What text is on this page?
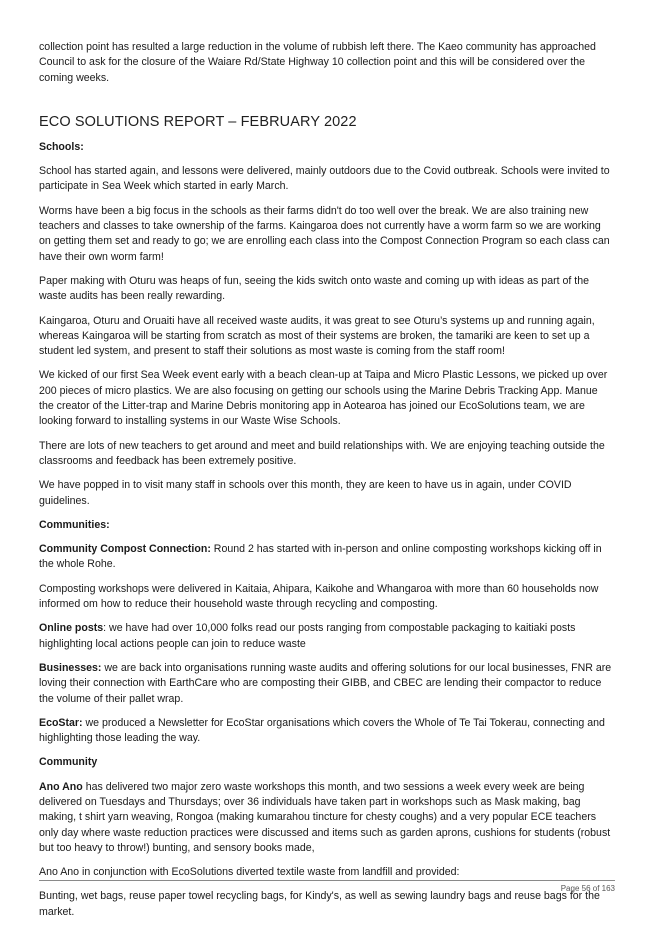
collection point has resulted a large reduction in the volume of rubbish left there. The Kaeo community has approached Council to ask for the closure of the Waiare Rd/State Highway 10 collection point and this will be considered over the coming weeks.

ECO SOLUTIONS REPORT – FEBRUARY 2022
Schools:

School has started again, and lessons were delivered, mainly outdoors due to the Covid outbreak. Schools were invited to participate in Sea Week which started in early March.

Worms have been a big focus in the schools as their farms didn't do too well over the break. We are also training new teachers and classes to take ownership of the farms. Kaingaroa does not currently have a worm farm so we are working on getting them set and ready to go; we are enrolling each class into the Compost Connection Program so each class can have their own worm farm!

Paper making with Oturu was heaps of fun, seeing the kids switch onto waste and coming up with ideas as part of the waste audits has been really rewarding.

Kaingaroa, Oturu and Oruaiti have all received waste audits, it was great to see Oturu’s systems up and running again, whereas Kaingaroa will be starting from scratch as most of their systems are broken, the tamariki are keen to set up a student led system, and present to staff their solutions as most waste is coming from the staff room!

We kicked of our first Sea Week event early with a beach clean-up at Taipa and Micro Plastic Lessons, we picked up over 200 pieces of micro plastics. We are also focusing on getting our schools using the Marine Debris Tracking App. Manue the creator of the Litter-trap and Marine Debris monitoring app in Aotearoa has joined our EcoSolutions team, we are looking forward to installing systems in our Waste Wise Schools.

There are lots of new teachers to get around and meet and build relationships with. We are enjoying teaching outside the classrooms and feedback has been extremely positive.

We have popped in to visit many staff in schools over this month, they are keen to have us in again, under COVID guidelines.

Communities:

Community Compost Connection: Round 2 has started with in-person and online composting workshops kicking off in the whole Rohe.

Composting workshops were delivered in Kaitaia, Ahipara, Kaikohe and Whangaroa with more than 60 households now informed om how to reduce their household waste through recycling and composting.

Online posts: we have had over 10,000 folks read our posts ranging from compostable packaging to kaitiaki posts highlighting local actions people can join to reduce waste

Businesses: we are back into organisations running waste audits and offering solutions for our local businesses, FNR are loving their connection with EarthCare who are composting their GIBB, and CBEC are lending their compactor to reduce the volume of their pallet wrap.

EcoStar: we produced a Newsletter for EcoStar organisations which covers the Whole of Te Tai Tokerau, connecting and highlighting those leading the way.

Community

Ano Ano has delivered two major zero waste workshops this month, and two sessions a week every week are being delivered on Tuesdays and Thursdays; over 36 individuals have taken part in workshops such as Mask making, bag making, t shirt yarn weaving, Rongoa (making kumarahou tincture for chesty coughs) and a very popular ECE teachers only day where waste reduction practices were discussed and items such as garden aprons, cushions for students (robust but too heavy to throw!) bunting, and sensory books made,

Ano Ano in conjunction with EcoSolutions diverted textile waste from landfill and provided:

Bunting, wet bags, reuse paper towel recycling bags, for Kindy's, as well as sewing laundry bags and reuse bags for the market.

Page 56 of 163
